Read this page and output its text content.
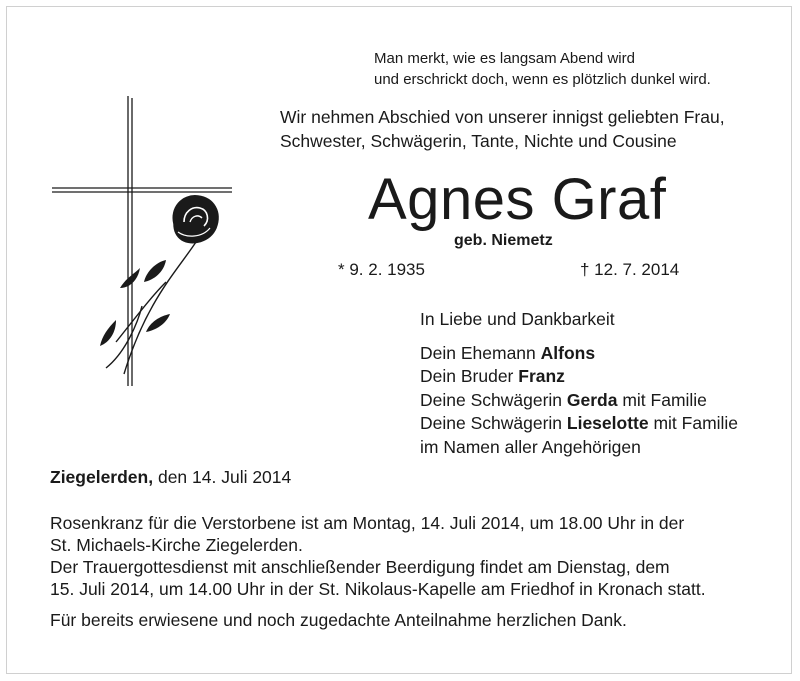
Man merkt, wie es langsam Abend wird
und erschrickt doch, wenn es plötzlich dunkel wird.
Wir nehmen Abschied von unserer innigst geliebten Frau,
Schwester, Schwägerin, Tante, Nichte und Cousine
Agnes Graf
geb. Niemetz
* 9. 2. 1935	† 12. 7. 2014
In Liebe und Dankbarkeit
Dein Ehemann Alfons
Dein Bruder Franz
Deine Schwägerin Gerda mit Familie
Deine Schwägerin Lieselotte mit Familie
im Namen aller Angehörigen
Ziegelerden, den 14. Juli 2014
Rosenkranz für die Verstorbene ist am Montag, 14. Juli 2014, um 18.00 Uhr in der
St. Michaels-Kirche Ziegelerden.
Der Trauergottesdienst mit anschließender Beerdigung findet am Dienstag, dem
15. Juli 2014, um 14.00 Uhr in der St. Nikolaus-Kapelle am Friedhof in Kronach statt.
Für bereits erwiesene und noch zugedachte Anteilnahme herzlichen Dank.
